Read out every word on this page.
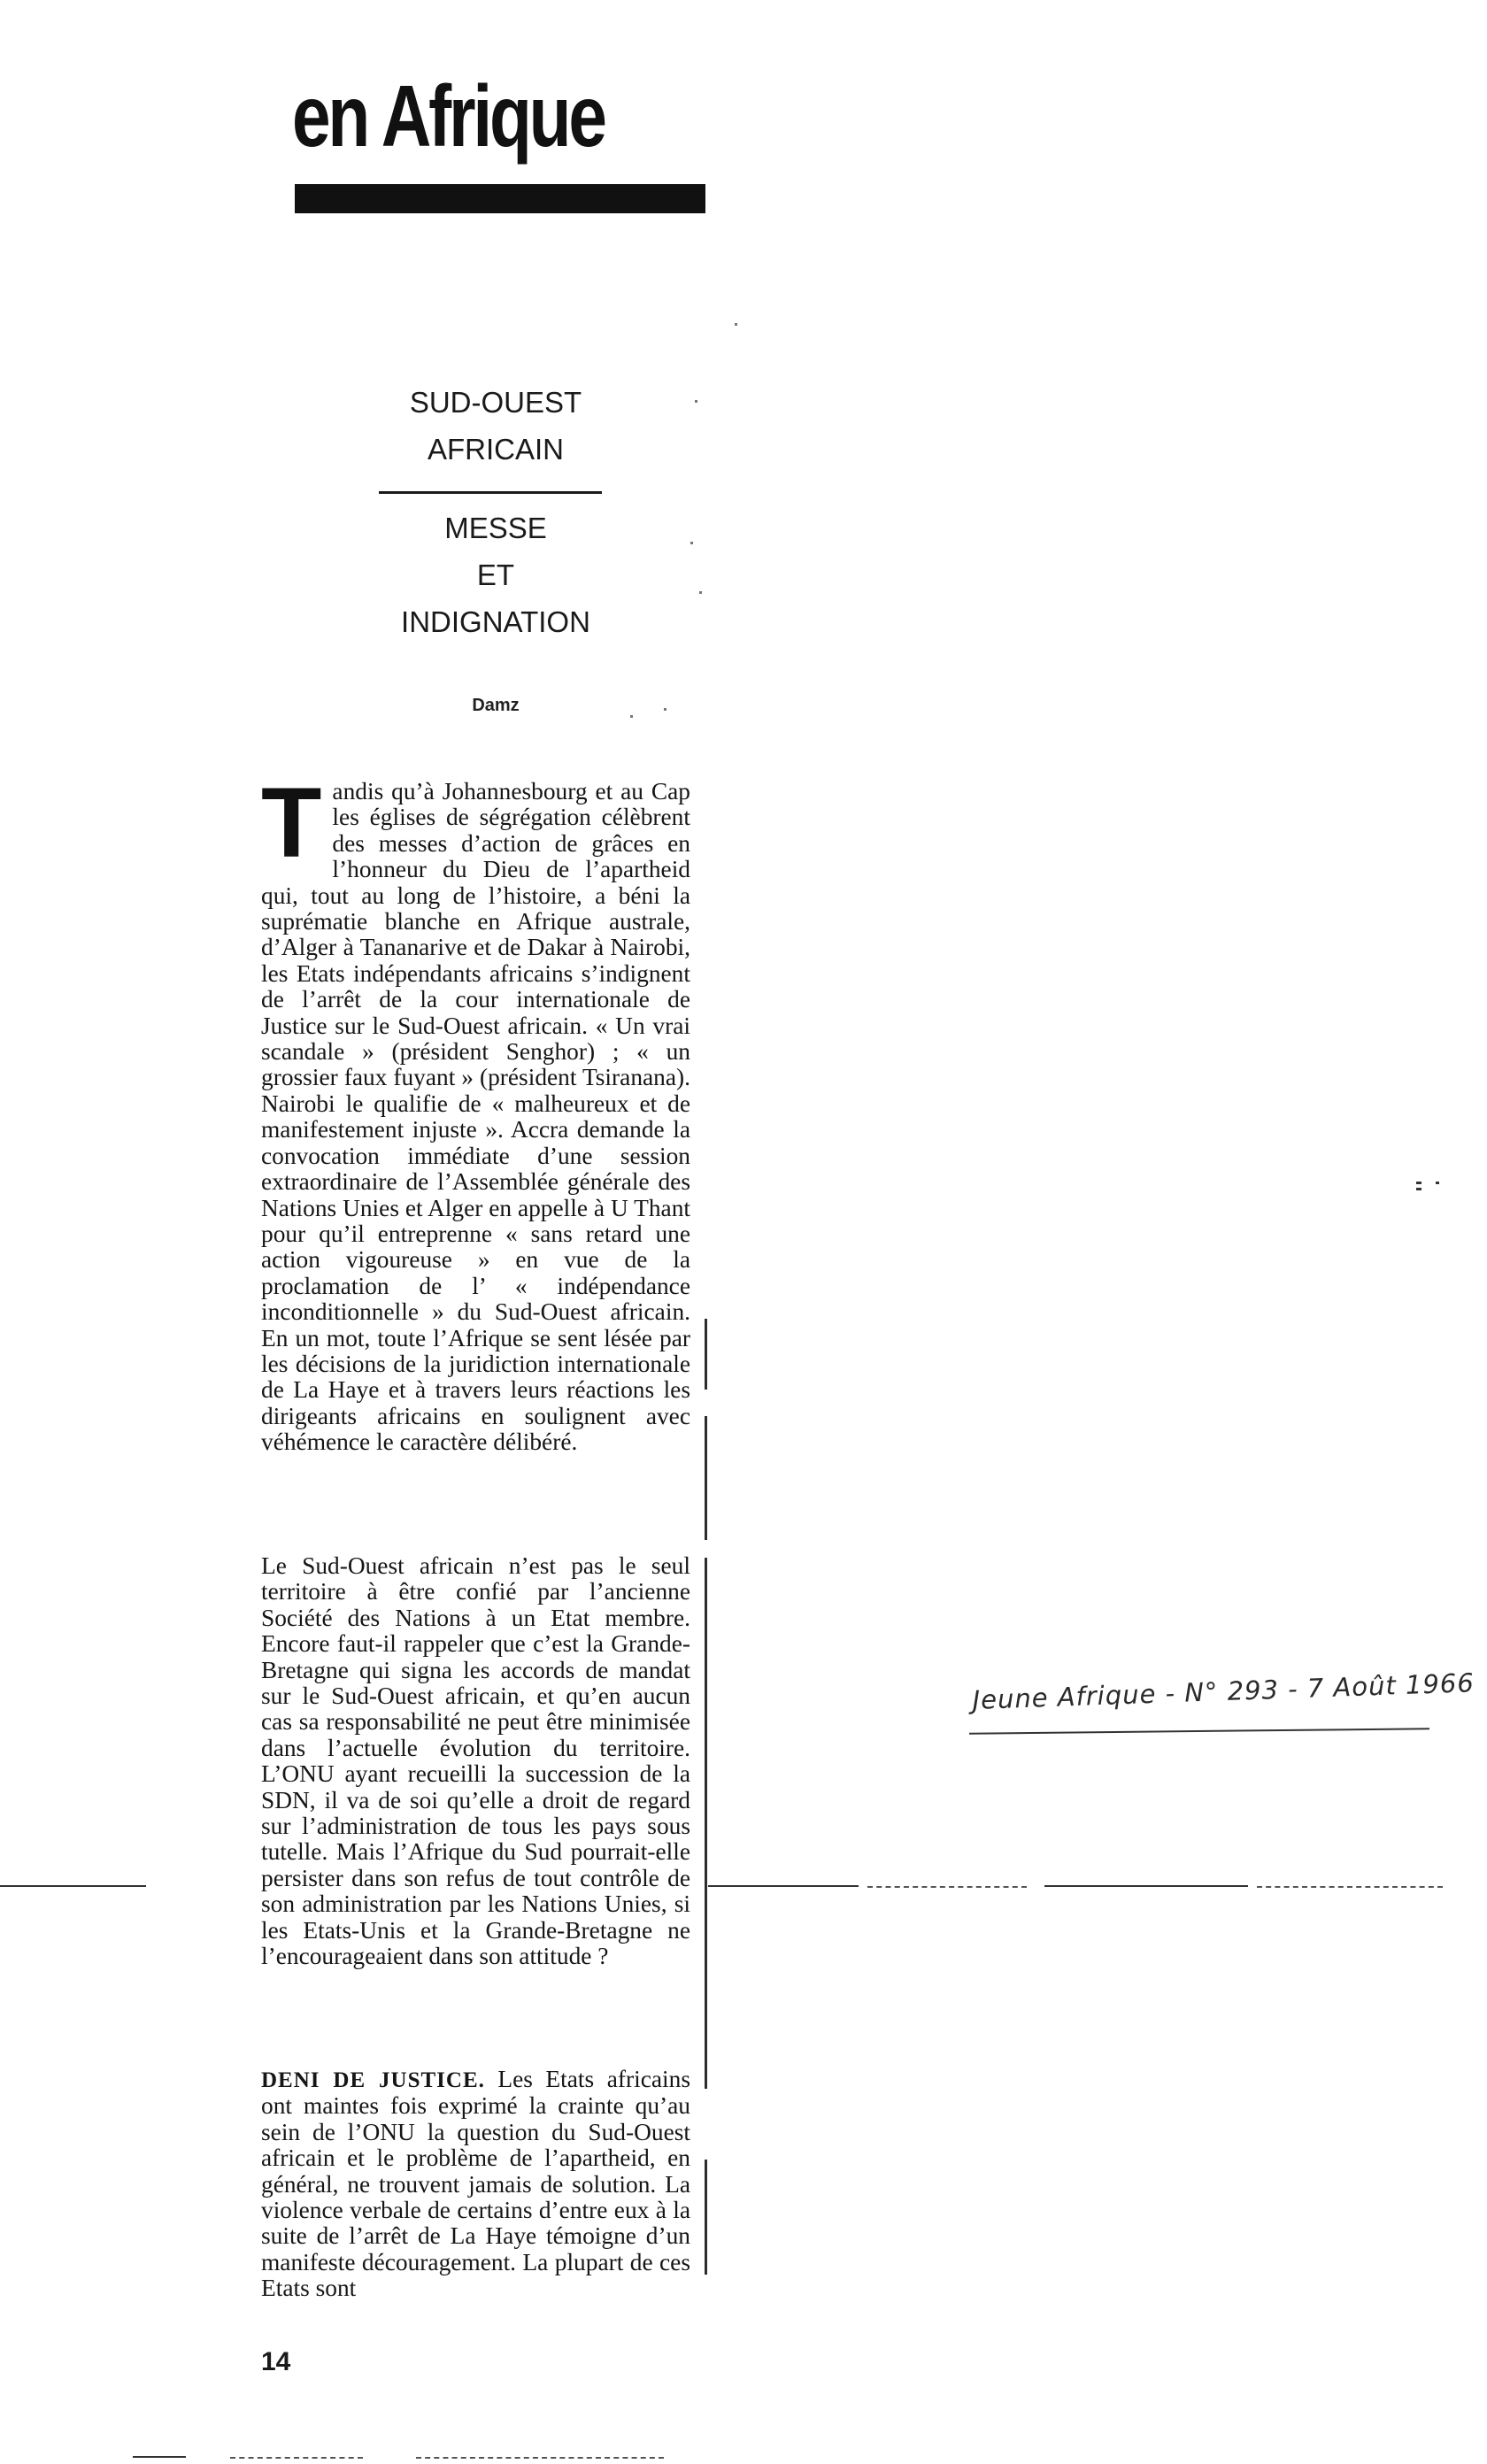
en Afrique
SUD-OUEST
AFRICAIN
MESSE
ET
INDIGNATION
Damz

Tandis qu’à Johannesbourg et au Cap les églises de ségrégation célèbrent des messes d’action de grâces en l’honneur du Dieu de l’apartheid qui, tout au long de l’histoire, a béni la suprématie blanche en Afrique australe, d’Alger à Tananarive et de Dakar à Nairobi, les Etats indépendants africains s’indignent de l’arrêt de la cour internationale de Justice sur le Sud-Ouest africain. « Un vrai scandale » (président Senghor) ; « un grossier faux fuyant » (président Tsiranana). Nairobi le qualifie de « malheureux et de manifestement injuste ». Accra demande la convocation immédiate d’une session extraordinaire de l’Assemblée générale des Nations Unies et Alger en appelle à U Thant pour qu’il entreprenne « sans retard une action vigoureuse » en vue de la proclamation de l’ « indépendance inconditionnelle » du Sud-Ouest africain. En un mot, toute l’Afrique se sent lésée par les décisions de la juridiction internationale de La Haye et à travers leurs réactions les dirigeants africains en soulignent avec véhémence le caractère délibéré.

Le Sud-Ouest africain n’est pas le seul territoire à être confié par l’ancienne Société des Nations à un Etat membre. Encore faut-il rappeler que c’est la Grande-Bretagne qui signa les accords de mandat sur le Sud-Ouest africain, et qu’en aucun cas sa responsabilité ne peut être minimisée dans l’actuelle évolution du territoire. L’ONU ayant recueilli la succession de la SDN, il va de soi qu’elle a droit de regard sur l’administration de tous les pays sous tutelle. Mais l’Afrique du Sud pourrait-elle persister dans son refus de tout contrôle de son administration par les Nations Unies, si les Etats-Unis et la Grande-Bretagne ne l’encourageaient dans son attitude ?

DENI DE JUSTICE. Les Etats africains ont maintes fois exprimé la crainte qu’au sein de l’ONU la question du Sud-Ouest africain et le problème de l’apartheid, en général, ne trouvent jamais de solution. La violence verbale de certains d’entre eux à la suite de l’arrêt de La Haye témoigne d’un manifeste découragement. La plupart de ces Etats sont

14
Jeune Afrique - N° 293 - 7 Août 1966
